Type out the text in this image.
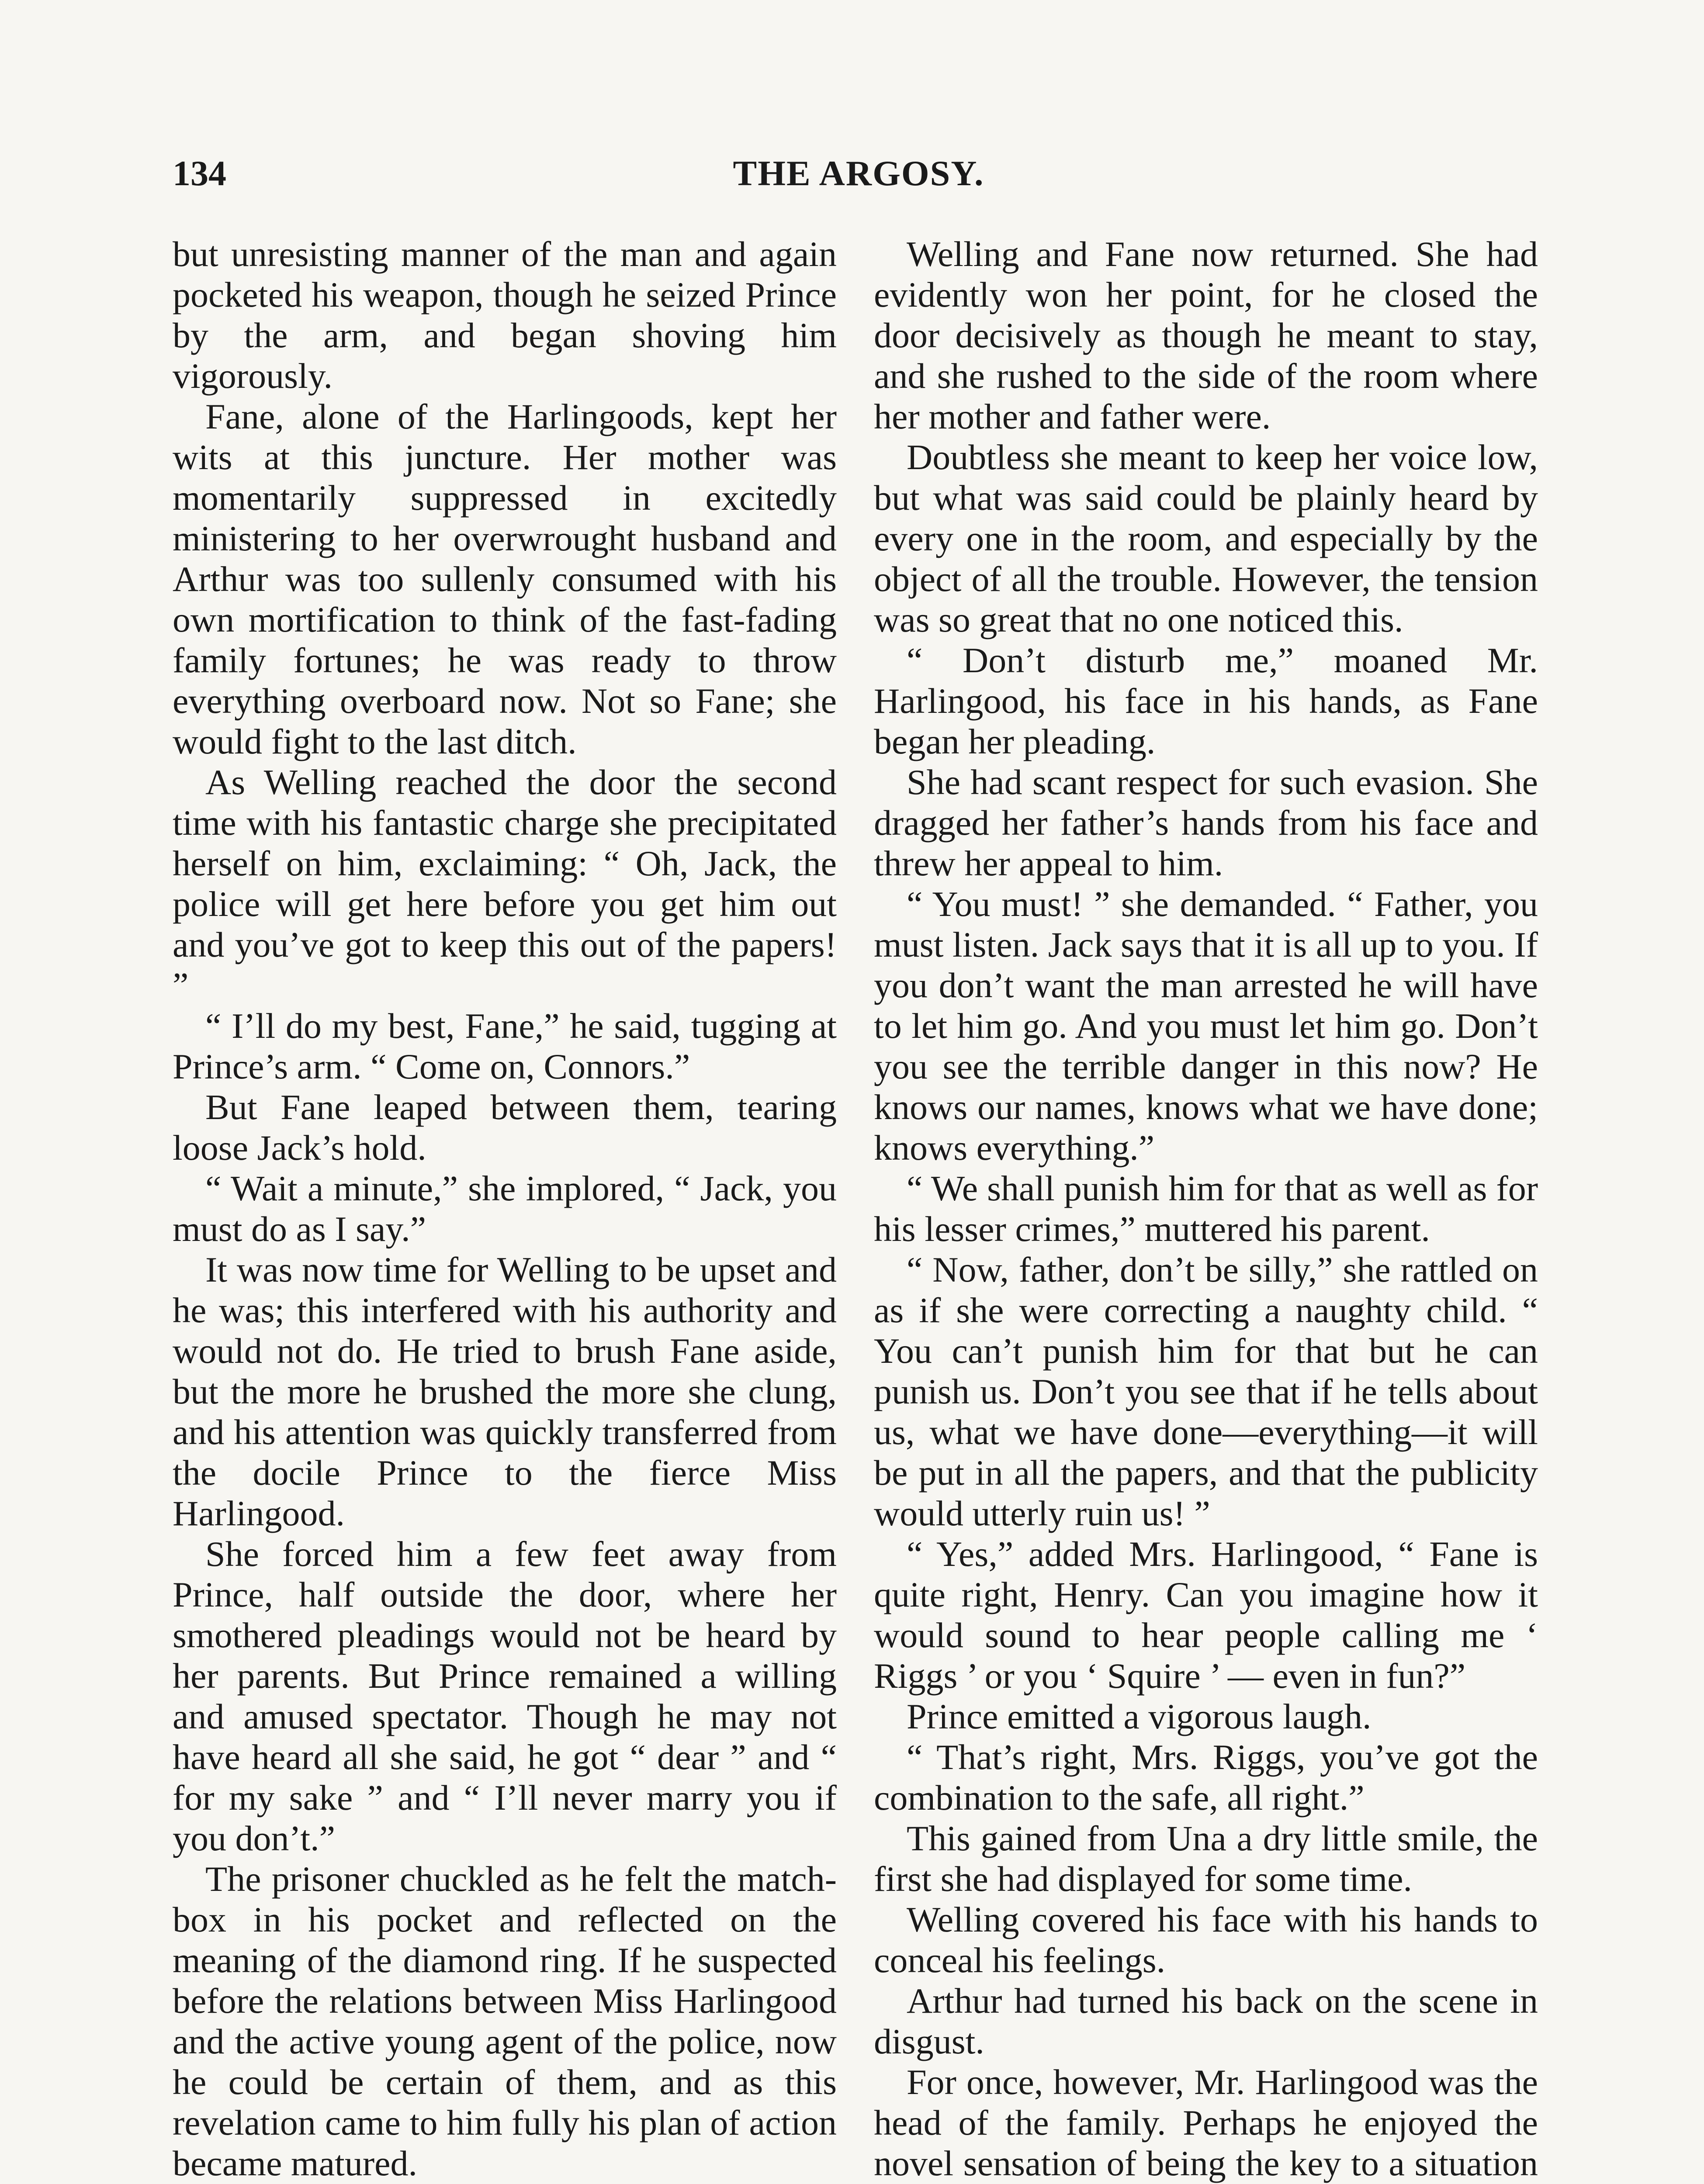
134	THE ARGOSY.

but unresisting manner of the man and again pocketed his weapon, though he seized Prince by the arm, and began shoving him vigorously.

Fane, alone of the Harlingoods, kept her wits at this juncture. Her mother was momentarily suppressed in excitedly ministering to her overwrought husband and Arthur was too sullenly consumed with his own mortification to think of the fast-fading family fortunes; he was ready to throw everything overboard now. Not so Fane; she would fight to the last ditch.

As Welling reached the door the second time with his fantastic charge she precipitated herself on him, exclaiming: “ Oh, Jack, the police will get here before you get him out and you’ve got to keep this out of the papers! ”

“ I’ll do my best, Fane,” he said, tugging at Prince’s arm. “ Come on, Connors.”

But Fane leaped between them, tearing loose Jack’s hold.

“ Wait a minute,” she implored, “ Jack, you must do as I say.”

It was now time for Welling to be upset and he was; this interfered with his authority and would not do. He tried to brush Fane aside, but the more he brushed the more she clung, and his attention was quickly transferred from the docile Prince to the fierce Miss Harlingood.

She forced him a few feet away from Prince, half outside the door, where her smothered pleadings would not be heard by her parents. But Prince remained a willing and amused spectator. Though he may not have heard all she said, he got “ dear ” and “ for my sake ” and “ I’ll never marry you if you don’t.”

The prisoner chuckled as he felt the match-box in his pocket and reflected on the meaning of the diamond ring. If he suspected before the relations between Miss Harlingood and the active young agent of the police, now he could be certain of them, and as this revelation came to him fully his plan of action became matured.

Welling and Fane now returned. She had evidently won her point, for he closed the door decisively as though he meant to stay, and she rushed to the side of the room where her mother and father were.

Doubtless she meant to keep her voice low, but what was said could be plainly heard by every one in the room, and especially by the object of all the trouble. However, the tension was so great that no one noticed this.

“ Don’t disturb me,” moaned Mr. Harlingood, his face in his hands, as Fane began her pleading.

She had scant respect for such evasion. She dragged her father’s hands from his face and threw her appeal to him.

“ You must! ” she demanded. “ Father, you must listen. Jack says that it is all up to you. If you don’t want the man arrested he will have to let him go. And you must let him go. Don’t you see the terrible danger in this now? He knows our names, knows what we have done; knows everything.”

“ We shall punish him for that as well as for his lesser crimes,” muttered his parent.

“ Now, father, don’t be silly,” she rattled on as if she were correcting a naughty child. “ You can’t punish him for that but he can punish us. Don’t you see that if he tells about us, what we have done—everything—it will be put in all the papers, and that the publicity would utterly ruin us! ”

“ Yes,” added Mrs. Harlingood, “ Fane is quite right, Henry. Can you imagine how it would sound to hear people calling me ‘ Riggs ’ or you ‘ Squire ’ — even in fun?”

Prince emitted a vigorous laugh.

“ That’s right, Mrs. Riggs, you’ve got the combination to the safe, all right.”

This gained from Una a dry little smile, the first she had displayed for some time.

Welling covered his face with his hands to conceal his feelings.

Arthur had turned his back on the scene in disgust.

For once, however, Mr. Harlingood was the head of the family. Perhaps he enjoyed the novel sensation of being the key to a situation
